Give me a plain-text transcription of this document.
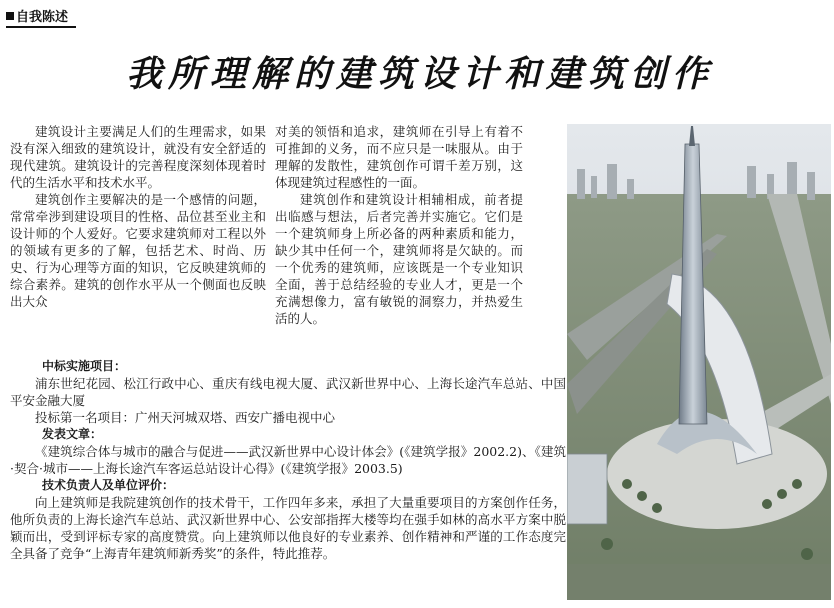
自我陈述
我所理解的建筑设计和建筑创作

建筑设计主要满足人们的生理需求，如果没有深入细致的建筑设计，就没有安全舒适的现代建筑。建筑设计的完善程度深刻体现着时代的生活水平和技术水平。

建筑创作主要解决的是一个感情的问题，常常牵涉到建设项目的性格、品位甚至业主和设计师的个人爱好。它要求建筑师对工程以外的领域有更多的了解，包括艺术、时尚、历史、行为心理等方面的知识，它反映建筑师的综合素养。建筑的创作水平从一个侧面也反映出大众

对美的领悟和追求，建筑师在引导上有着不可推卸的义务，而不应只是一味服从。由于理解的发散性，建筑创作可谓千差万别，这体现建筑过程感性的一面。

建筑创作和建筑设计相辅相成，前者提出临感与想法，后者完善并实施它。它们是一个建筑师身上所必备的两种素质和能力，缺少其中任何一个，建筑师将是欠缺的。而一个优秀的建筑师，应该既是一个专业知识全面，善于总结经验的专业人才，更是一个充满想像力，富有敏锐的洞察力，并热爱生活的人。

中标实施项目：
浦东世纪花园、松江行政中心、重庆有线电视大厦、武汉新世界中心、上海长途汽车总站、中国平安金融大厦
投标第一名项目：广州天河城双塔、西安广播电视中心
发表文章：
《建筑综合体与城市的融合与促进——武汉新世界中心设计体会》(《建筑学报》2002.2)、《建筑·契合·城市——上海长途汽车客运总站设计心得》(《建筑学报》2003.5)
技术负责人及单位评价：
向上建筑师是我院建筑创作的技术骨干，工作四年多来，承担了大量重要项目的方案创作任务，他所负责的上海长途汽车总站、武汉新世界中心、公安部指挥大楼等均在强手如林的高水平方案中脱颖而出，受到评标专家的高度赞赏。向上建筑师以他良好的专业素养、创作精神和严谨的工作态度完全具备了竞争“上海青年建筑师新秀奖”的条件，特此推荐。
